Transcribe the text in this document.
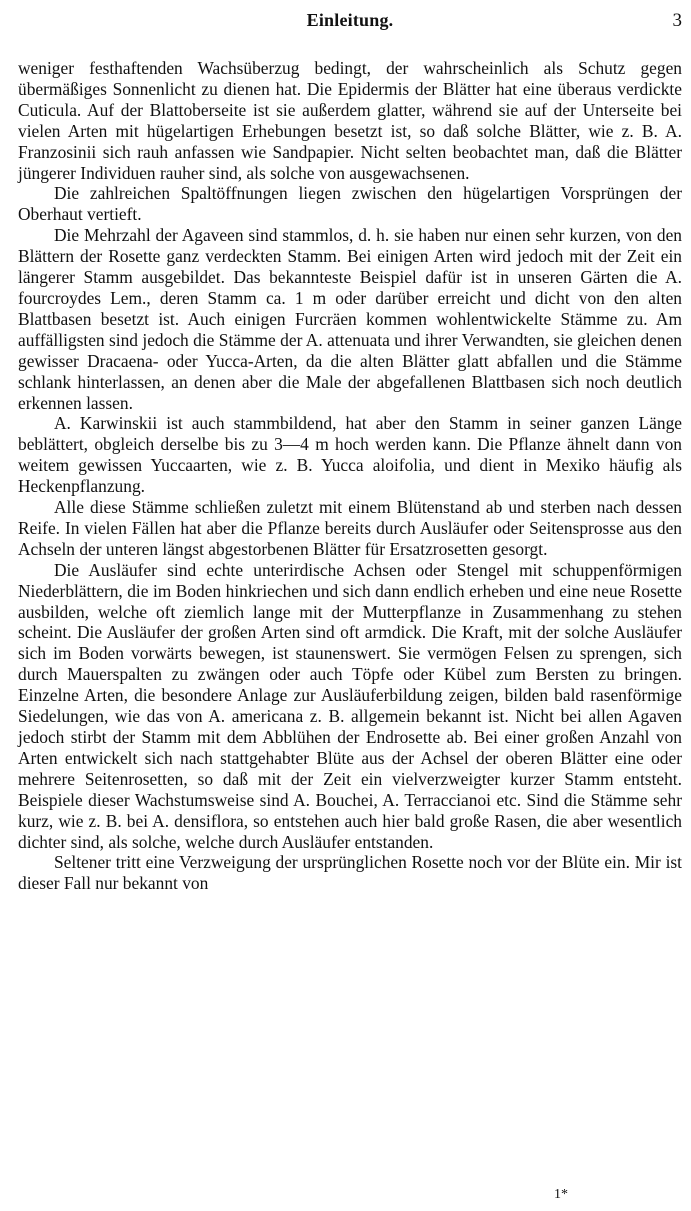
Einleitung.	3

weniger festhaftenden Wachsüberzug bedingt, der wahrscheinlich als Schutz gegen übermäßiges Sonnenlicht zu dienen hat. Die Epidermis der Blätter hat eine überaus verdickte Cuticula. Auf der Blattoberseite ist sie außerdem glatter, während sie auf der Unterseite bei vielen Arten mit hügelartigen Erhebungen besetzt ist, so daß solche Blätter, wie z. B. A. Franzosinii sich rauh anfassen wie Sandpapier. Nicht selten beobachtet man, daß die Blätter jüngerer Individuen rauher sind, als solche von ausgewachsenen.

Die zahlreichen Spaltöffnungen liegen zwischen den hügelartigen Vorsprüngen der Oberhaut vertieft.

Die Mehrzahl der Agaveen sind stammlos, d. h. sie haben nur einen sehr kurzen, von den Blättern der Rosette ganz verdeckten Stamm. Bei einigen Arten wird jedoch mit der Zeit ein längerer Stamm ausgebildet. Das bekannteste Beispiel dafür ist in unseren Gärten die A. fourcroydes Lem., deren Stamm ca. 1 m oder darüber erreicht und dicht von den alten Blattbasen besetzt ist. Auch einigen Furcräen kommen wohlentwickelte Stämme zu. Am auffälligsten sind jedoch die Stämme der A. attenuata und ihrer Verwandten, sie gleichen denen gewisser Dracaena- oder Yucca-Arten, da die alten Blätter glatt abfallen und die Stämme schlank hinterlassen, an denen aber die Male der abgefallenen Blattbasen sich noch deutlich erkennen lassen.

A. Karwinskii ist auch stammbildend, hat aber den Stamm in seiner ganzen Länge beblättert, obgleich derselbe bis zu 3—4 m hoch werden kann. Die Pflanze ähnelt dann von weitem gewissen Yuccaarten, wie z. B. Yucca aloifolia, und dient in Mexiko häufig als Heckenpflanzung.

Alle diese Stämme schließen zuletzt mit einem Blütenstand ab und sterben nach dessen Reife. In vielen Fällen hat aber die Pflanze bereits durch Ausläufer oder Seitensprosse aus den Achseln der unteren längst abgestorbenen Blätter für Ersatzrosetten gesorgt.

Die Ausläufer sind echte unterirdische Achsen oder Stengel mit schuppenförmigen Niederblättern, die im Boden hinkriechen und sich dann endlich erheben und eine neue Rosette ausbilden, welche oft ziemlich lange mit der Mutterpflanze in Zusammenhang zu stehen scheint. Die Ausläufer der großen Arten sind oft armdick. Die Kraft, mit der solche Ausläufer sich im Boden vorwärts bewegen, ist staunenswert. Sie vermögen Felsen zu sprengen, sich durch Mauerspalten zu zwängen oder auch Töpfe oder Kübel zum Bersten zu bringen. Einzelne Arten, die besondere Anlage zur Ausläuferbildung zeigen, bilden bald rasenförmige Siedelungen, wie das von A. americana z. B. allgemein bekannt ist. Nicht bei allen Agaven jedoch stirbt der Stamm mit dem Abblühen der Endrosette ab. Bei einer großen Anzahl von Arten entwickelt sich nach stattgehabter Blüte aus der Achsel der oberen Blätter eine oder mehrere Seitenrosetten, so daß mit der Zeit ein vielverzweigter kurzer Stamm entsteht. Beispiele dieser Wachstumsweise sind A. Bouchei, A. Terraccianoi etc. Sind die Stämme sehr kurz, wie z. B. bei A. densiflora, so entstehen auch hier bald große Rasen, die aber wesentlich dichter sind, als solche, welche durch Ausläufer entstanden.

Seltener tritt eine Verzweigung der ursprünglichen Rosette noch vor der Blüte ein. Mir ist dieser Fall nur bekannt von

1*
